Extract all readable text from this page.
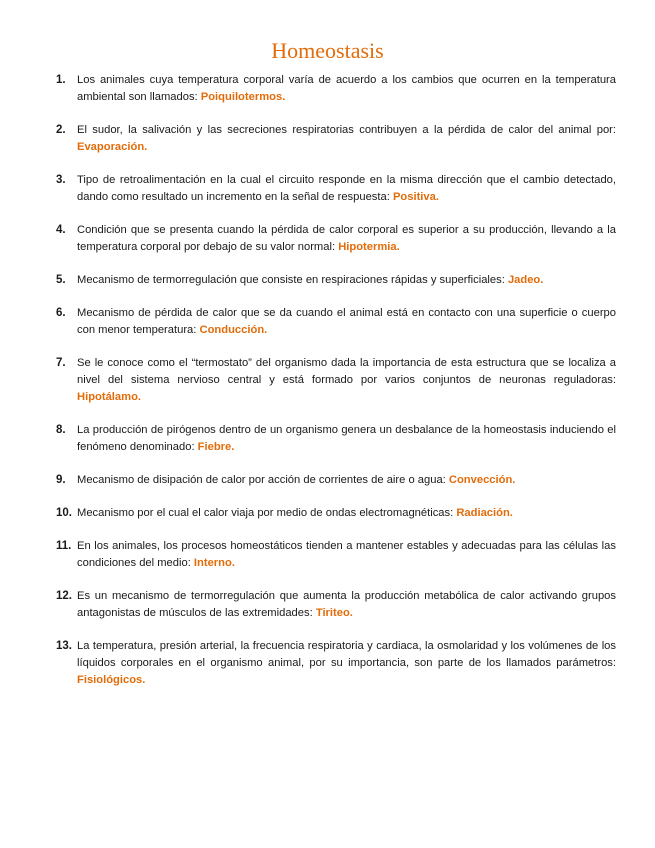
Homeostasis
1. Los animales cuya temperatura corporal varía de acuerdo a los cambios que ocurren en la temperatura ambiental son llamados: Poiquilotermos.
2. El sudor, la salivación y las secreciones respiratorias contribuyen a la pérdida de calor del animal por: Evaporación.
3. Tipo de retroalimentación en la cual el circuito responde en la misma dirección que el cambio detectado, dando como resultado un incremento en la señal de respuesta: Positiva.
4. Condición que se presenta cuando la pérdida de calor corporal es superior a su producción, llevando a la temperatura corporal por debajo de su valor normal: Hipotermia.
5. Mecanismo de termorregulación que consiste en respiraciones rápidas y superficiales: Jadeo.
6. Mecanismo de pérdida de calor que se da cuando el animal está en contacto con una superficie o cuerpo con menor temperatura: Conducción.
7. Se le conoce como el “termostato” del organismo dada la importancia de esta estructura que se localiza a nivel del sistema nervioso central y está formado por varios conjuntos de neuronas reguladoras: Hipotálamo.
8. La producción de pirógenos dentro de un organismo genera un desbalance de la homeostasis induciendo el fenómeno denominado: Fiebre.
9. Mecanismo de disipación de calor por acción de corrientes de aire o agua: Convección.
10. Mecanismo por el cual el calor viaja por medio de ondas electromagnéticas: Radiación.
11. En los animales, los procesos homeostáticos tienden a mantener estables y adecuadas para las células las condiciones del medio: Interno.
12. Es un mecanismo de termorregulación que aumenta la producción metabólica de calor activando grupos antagonistas de músculos de las extremidades: Tiriteo.
13. La temperatura, presión arterial, la frecuencia respiratoria y cardiaca, la osmolaridad y los volúmenes de los líquidos corporales en el organismo animal, por su importancia, son parte de los llamados parámetros: Fisiológicos.
